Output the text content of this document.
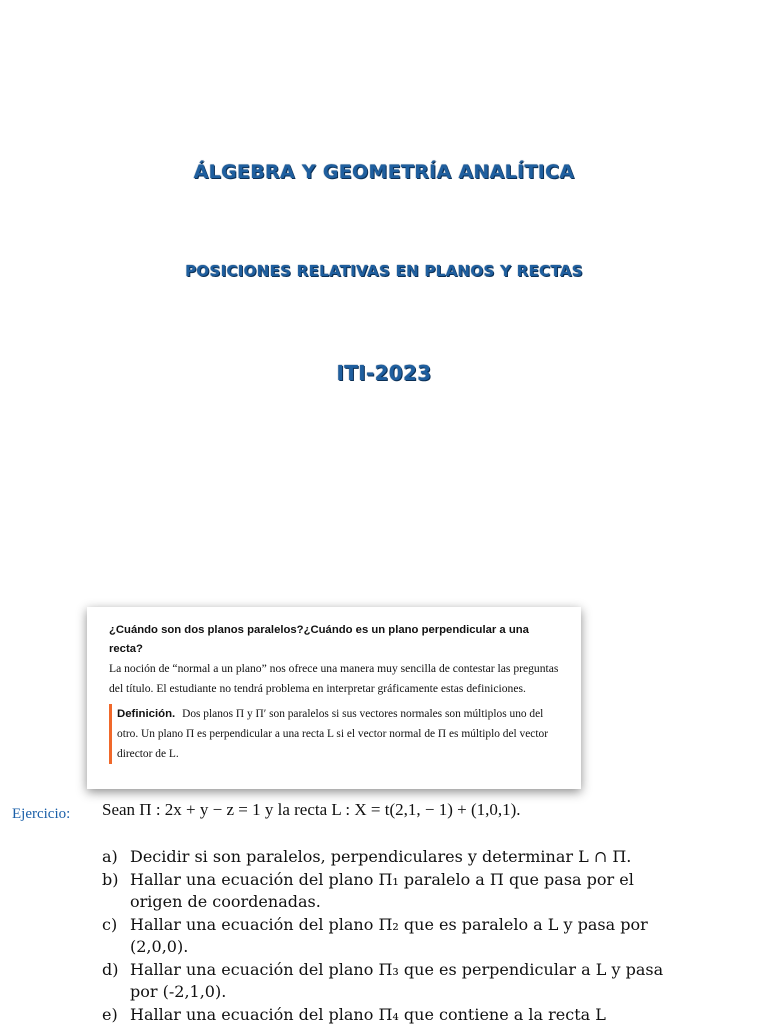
ÁLGEBRA Y GEOMETRÍA ANALÍTICA
POSICIONES RELATIVAS EN PLANOS Y RECTAS
ITI-2023
¿Cuándo son dos planos paralelos?¿Cuándo es un plano perpendicular a una recta?
La noción de “normal a un plano” nos ofrece una manera muy sencilla de contestar las preguntas del título. El estudiante no tendrá problema en interpretar gráficamente estas definiciones.
Definición. Dos planos Π y Π′ son paralelos si sus vectores normales son múltiplos uno del otro. Un plano Π es perpendicular a una recta L si el vector normal de Π es múltiplo del vector director de L.
Ejercicio: Sean Π : 2x + y − z = 1 y la recta L : X = t(2,1, − 1) + (1,0,1).
a) Decidir si son paralelos, perpendiculares y determinar L ∩ Π.
b) Hallar una ecuación del plano Π₁ paralelo a Π que pasa por el origen de coordenadas.
c) Hallar una ecuación del plano Π₂ que es paralelo a L y pasa por (2,0,0).
d) Hallar una ecuación del plano Π₃ que es perpendicular a L y pasa por (-2,1,0).
e) Hallar una ecuación del plano Π₄ que contiene a la recta L
